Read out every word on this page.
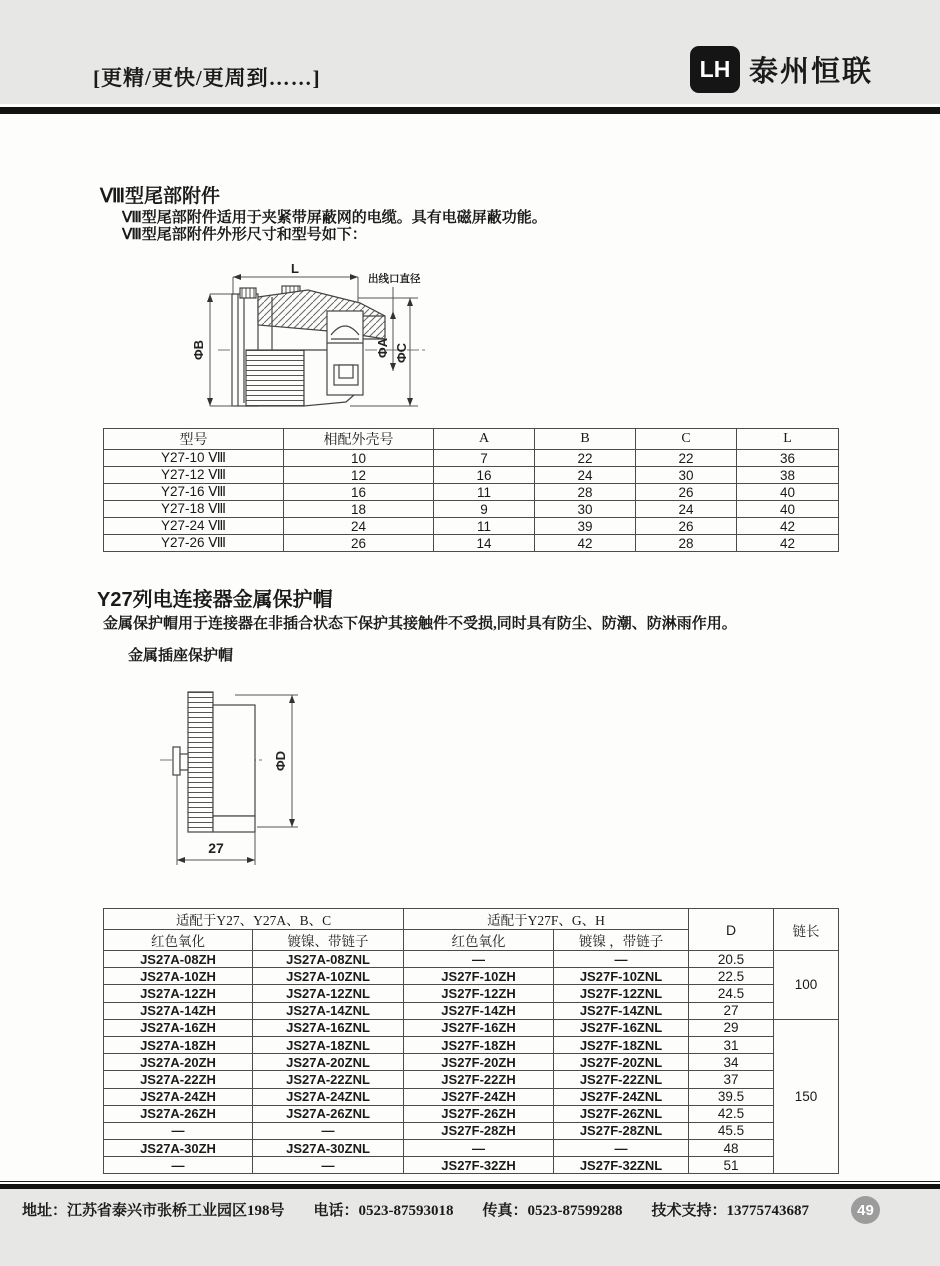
[更精/更快/更周到……]	LH 泰州恒联
Ⅷ型尾部附件
Ⅷ型尾部附件适用于夹紧带屏蔽网的电缆。具有电磁屏蔽功能。
Ⅷ型尾部附件外形尺寸和型号如下：
L
出线口直径
ΦB	ΦA ΦC
型号	相配外壳号	A	B	C	L
Y27-10 Ⅷ	10	7	22	22	36
Y27-12 Ⅷ	12	16	24	30	38
Y27-16 Ⅷ	16	11	28	26	40
Y27-18 Ⅷ	18	9	30	24	40
Y27-24 Ⅷ	24	11	39	26	42
Y27-26 Ⅷ	26	14	42	28	42
Y27列电连接器金属保护帽
金属保护帽用于连接器在非插合状态下保护其接触件不受损,同时具有防尘、防潮、防淋雨作用。
金属插座保护帽
ΦD
27
适配于Y27、Y27A、B、C		适配于Y27F、G、H		D	链长
红色氧化	镀镍、带链子	红色氧化	镀镍 ，带链子		
JS27A-08ZH	JS27A-08ZNL	—	—	20.5	100
JS27A-10ZH	JS27A-10ZNL	JS27F-10ZH	JS27F-10ZNL	22.5	
JS27A-12ZH	JS27A-12ZNL	JS27F-12ZH	JS27F-12ZNL	24.5	
JS27A-14ZH	JS27A-14ZNL	JS27F-14ZH	JS27F-14ZNL	27	
JS27A-16ZH	JS27A-16ZNL	JS27F-16ZH	JS27F-16ZNL	29	150
JS27A-18ZH	JS27A-18ZNL	JS27F-18ZH	JS27F-18ZNL	31	
JS27A-20ZH	JS27A-20ZNL	JS27F-20ZH	JS27F-20ZNL	34	
JS27A-22ZH	JS27A-22ZNL	JS27F-22ZH	JS27F-22ZNL	37	
JS27A-24ZH	JS27A-24ZNL	JS27F-24ZH	JS27F-24ZNL	39.5	
JS27A-26ZH	JS27A-26ZNL	JS27F-26ZH	JS27F-26ZNL	42.5	
—	—	JS27F-28ZH	JS27F-28ZNL	45.5	
JS27A-30ZH	JS27A-30ZNL	—	—	48	
—	—	JS27F-32ZH	JS27F-32ZNL	51	
地址：江苏省泰兴市张桥工业园区198号 电话：0523-87593018 传真：0523-87599288 技术支持：13775743687	49
